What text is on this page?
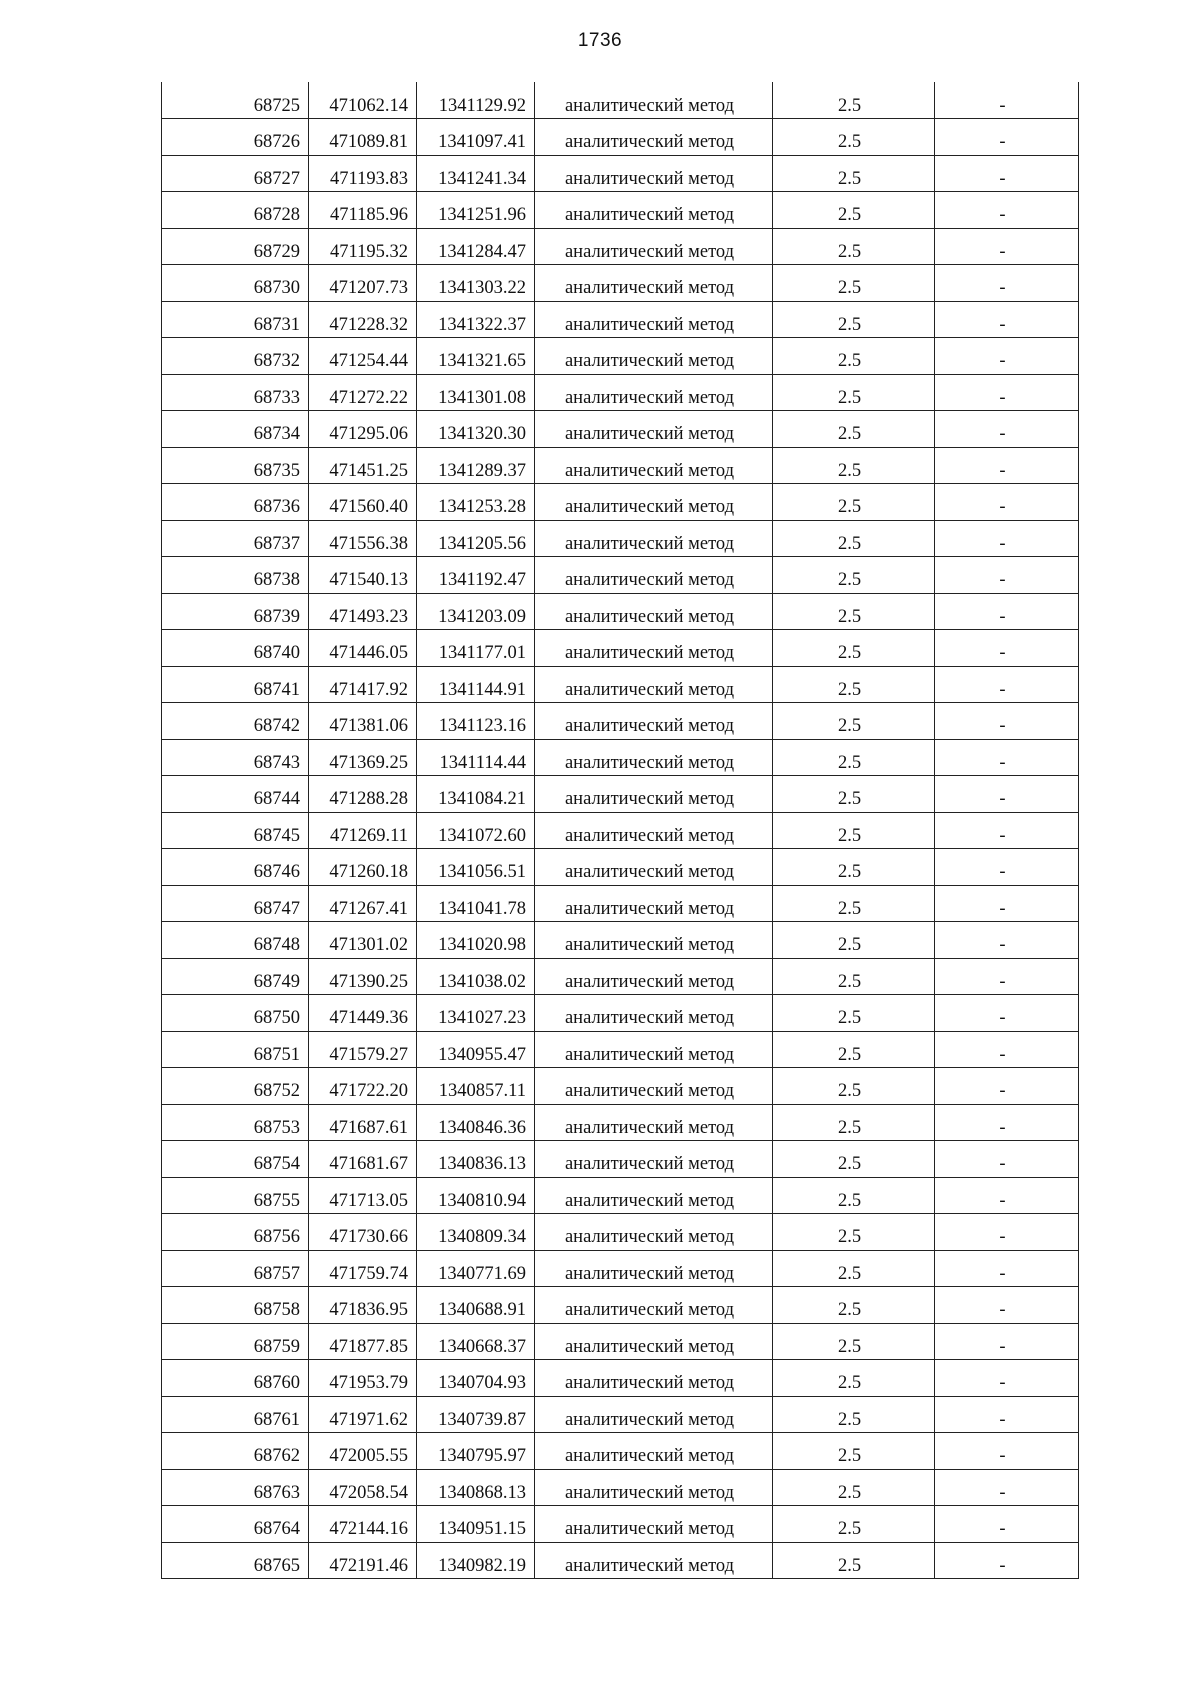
1736
68725	471062.14	1341129.92	аналитический метод	2.5	-
68726	471089.81	1341097.41	аналитический метод	2.5	-
68727	471193.83	1341241.34	аналитический метод	2.5	-
68728	471185.96	1341251.96	аналитический метод	2.5	-
68729	471195.32	1341284.47	аналитический метод	2.5	-
68730	471207.73	1341303.22	аналитический метод	2.5	-
68731	471228.32	1341322.37	аналитический метод	2.5	-
68732	471254.44	1341321.65	аналитический метод	2.5	-
68733	471272.22	1341301.08	аналитический метод	2.5	-
68734	471295.06	1341320.30	аналитический метод	2.5	-
68735	471451.25	1341289.37	аналитический метод	2.5	-
68736	471560.40	1341253.28	аналитический метод	2.5	-
68737	471556.38	1341205.56	аналитический метод	2.5	-
68738	471540.13	1341192.47	аналитический метод	2.5	-
68739	471493.23	1341203.09	аналитический метод	2.5	-
68740	471446.05	1341177.01	аналитический метод	2.5	-
68741	471417.92	1341144.91	аналитический метод	2.5	-
68742	471381.06	1341123.16	аналитический метод	2.5	-
68743	471369.25	1341114.44	аналитический метод	2.5	-
68744	471288.28	1341084.21	аналитический метод	2.5	-
68745	471269.11	1341072.60	аналитический метод	2.5	-
68746	471260.18	1341056.51	аналитический метод	2.5	-
68747	471267.41	1341041.78	аналитический метод	2.5	-
68748	471301.02	1341020.98	аналитический метод	2.5	-
68749	471390.25	1341038.02	аналитический метод	2.5	-
68750	471449.36	1341027.23	аналитический метод	2.5	-
68751	471579.27	1340955.47	аналитический метод	2.5	-
68752	471722.20	1340857.11	аналитический метод	2.5	-
68753	471687.61	1340846.36	аналитический метод	2.5	-
68754	471681.67	1340836.13	аналитический метод	2.5	-
68755	471713.05	1340810.94	аналитический метод	2.5	-
68756	471730.66	1340809.34	аналитический метод	2.5	-
68757	471759.74	1340771.69	аналитический метод	2.5	-
68758	471836.95	1340688.91	аналитический метод	2.5	-
68759	471877.85	1340668.37	аналитический метод	2.5	-
68760	471953.79	1340704.93	аналитический метод	2.5	-
68761	471971.62	1340739.87	аналитический метод	2.5	-
68762	472005.55	1340795.97	аналитический метод	2.5	-
68763	472058.54	1340868.13	аналитический метод	2.5	-
68764	472144.16	1340951.15	аналитический метод	2.5	-
68765	472191.46	1340982.19	аналитический метод	2.5	-
